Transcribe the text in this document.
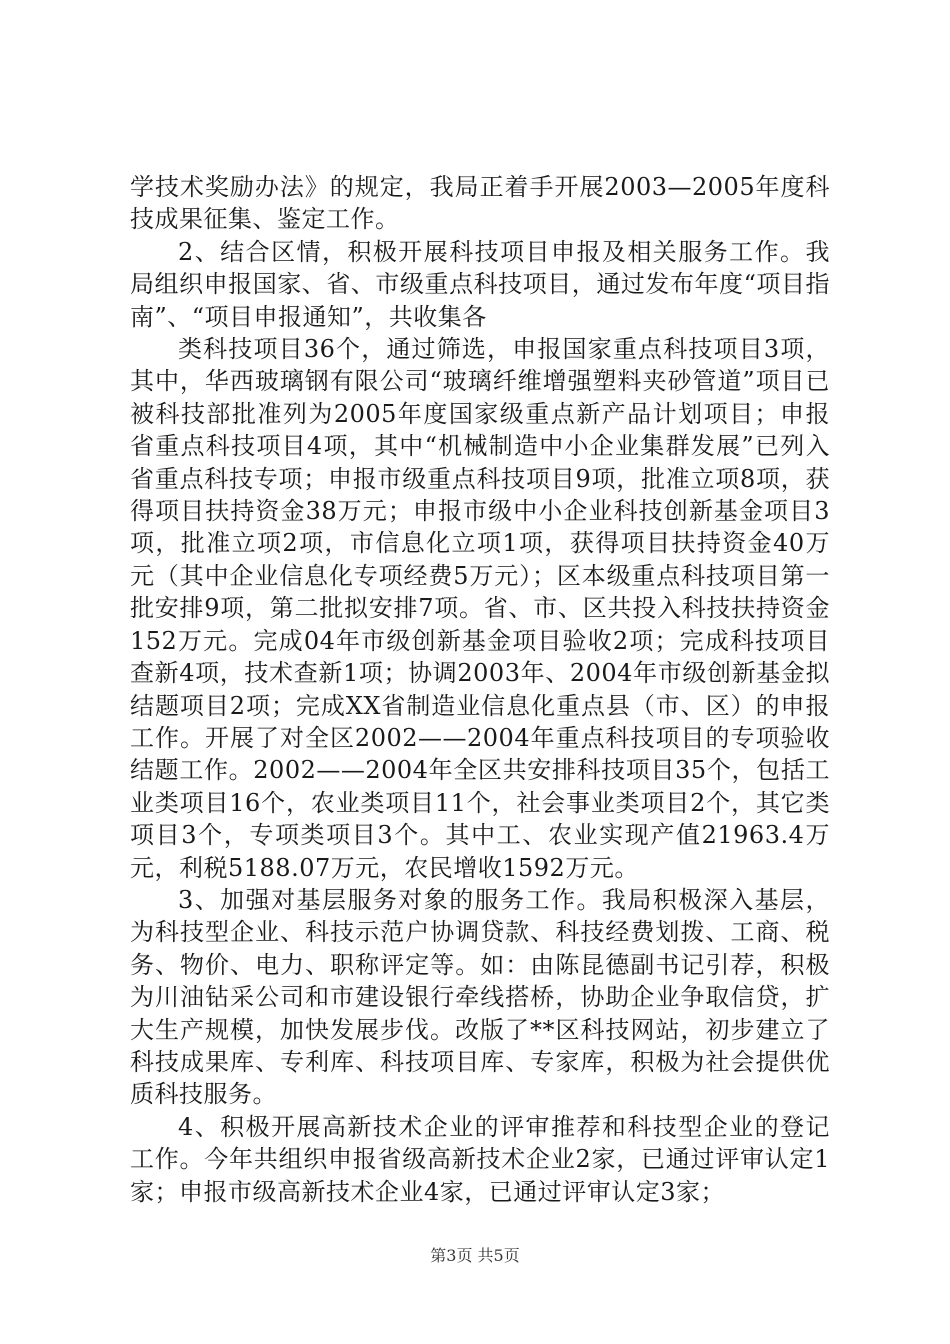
学技术奖励办法》的规定，我局正着手开展2003—2005年度科技成果征集、鉴定工作。

2、结合区情，积极开展科技项目申报及相关服务工作。我局组织申报国家、省、市级重点科技项目，通过发布年度“项目指南”、“项目申报通知”，共收集各

类科技项目36个，通过筛选，申报国家重点科技项目3项，其中，华西玻璃钢有限公司“玻璃纤维增强塑料夹砂管道”项目已被科技部批准列为2005年度国家级重点新产品计划项目；申报省重点科技项目4项，其中“机械制造中小企业集群发展”已列入省重点科技专项；申报市级重点科技项目9项，批准立项8项，获得项目扶持资金38万元；申报市级中小企业科技创新基金项目3项，批准立项2项，市信息化立项1项，获得项目扶持资金40万元（其中企业信息化专项经费5万元）；区本级重点科技项目第一批安排9项，第二批拟安排7项。省、市、区共投入科技扶持资金152万元。完成04年市级创新基金项目验收2项；完成科技项目查新4项，技术查新1项；协调2003年、2004年市级创新基金拟结题项目2项；完成XX省制造业信息化重点县（市、区）的申报工作。开展了对全区2002——2004年重点科技项目的专项验收结题工作。2002——2004年全区共安排科技项目35个，包括工业类项目16个，农业类项目11个，社会事业类项目2个，其它类项目3个，专项类项目3个。其中工、农业实现产值21963.4万元，利税5188.07万元，农民增收1592万元。

3、加强对基层服务对象的服务工作。我局积极深入基层，为科技型企业、科技示范户协调贷款、科技经费划拨、工商、税务、物价、电力、职称评定等。如：由陈昆德副书记引荐，积极为川油钻采公司和市建设银行牵线搭桥，协助企业争取信贷，扩大生产规模，加快发展步伐。改版了**区科技网站，初步建立了科技成果库、专利库、科技项目库、专家库，积极为社会提供优质科技服务。

4、积极开展高新技术企业的评审推荐和科技型企业的登记工作。今年共组织申报省级高新技术企业2家，已通过评审认定1家；申报市级高新技术企业4家，已通过评审认定3家；

第3页 共5页
